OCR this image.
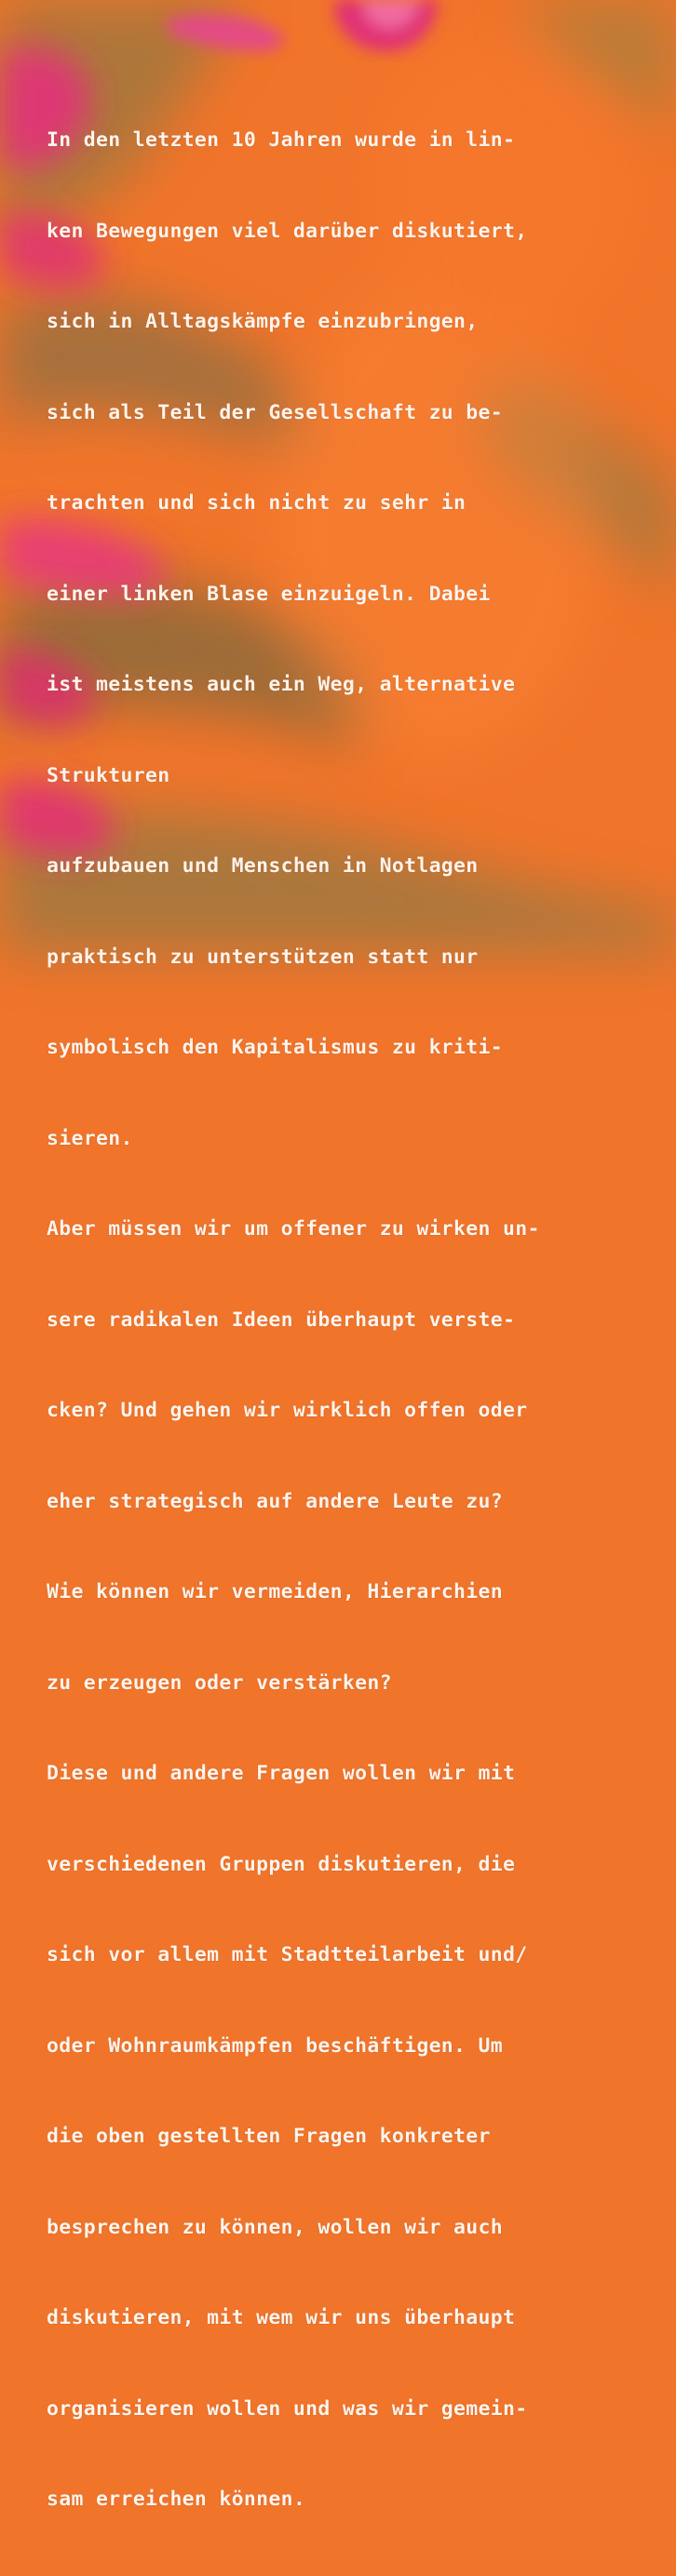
In den letzten 10 Jahren wurde in lin-

ken Bewegungen viel darüber diskutiert,

sich in Alltagskämpfe einzubringen,

sich als Teil der Gesellschaft zu be-

trachten und sich nicht zu sehr in

einer linken Blase einzuigeln. Dabei

ist meistens auch ein Weg, alternative

Strukturen

aufzubauen und Menschen in Notlagen

praktisch zu unterstützen statt nur

symbolisch den Kapitalismus zu kriti-

sieren.

Aber müssen wir um offener zu wirken un-

sere radikalen Ideen überhaupt verste-

cken? Und gehen wir wirklich offen oder

eher strategisch auf andere Leute zu?

Wie können wir vermeiden, Hierarchien

zu erzeugen oder verstärken?

Diese und andere Fragen wollen wir mit

verschiedenen Gruppen diskutieren, die

sich vor allem mit Stadtteilarbeit und/

oder Wohnraumkämpfen beschäftigen. Um

die oben gestellten Fragen konkreter

besprechen zu können, wollen wir auch

diskutieren, mit wem wir uns überhaupt

organisieren wollen und was wir gemein-

sam erreichen können.
